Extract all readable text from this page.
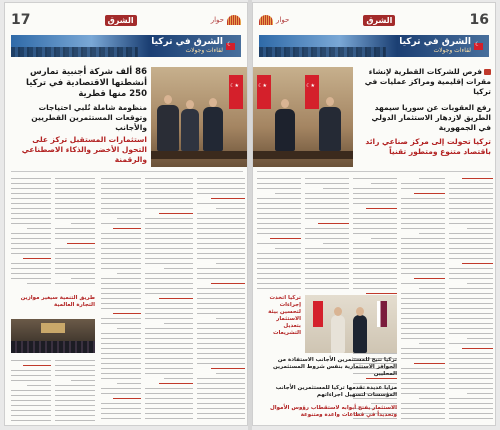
17	الشرق	حوار
الشرق في تركيا
لقاءات وجولات
☾
☾★
86 ألف شركة أجنبية تمارس أنشطتها الاقتصادية في تركيا 250 منها قطرية
منظومة شاملة تُلبي احتياجات وتوقعات المستثمرين القطريين والأجانب
استثمارات المستقبل تركز على التحول الأخضر والذكاء الاصطناعي والرقمنة
طريق التنمية سيغير موازين التجارة العالمية
حوار	الشرق	16
الشرق في تركيا
لقاءات وجولات
☾
☾★
☾★
فرص للشركات القطرية لإنشاء مقرات إقليمية ومراكز عمليات في تركيا
رفع العقوبات عن سوريا سيمهد الطريق لازدهار الاستثمار الدولي في الجمهورية
تركيا تحولت إلى مركز صناعي رائد باقتصاد متنوع ومتطور تقنياً
تركيا اتخذت إجراءات لتحسين بيئة الاستثمار بتعديل التشريعات
تركيا تتيح للمستثمرين الأجانب الاستفادة من الحوافز الاستثمارية بنفس شروط المستثمرين المحليين
مزايا عديدة تقدمها تركيا للمستثمرين الأجانب المؤسسات لتسهيل اجراءاتهم
الاستثمار يفتح أبوابه لاستقطاب رؤوس الأموال وتحديداً في قطاعات واعدة ومتنوعة
